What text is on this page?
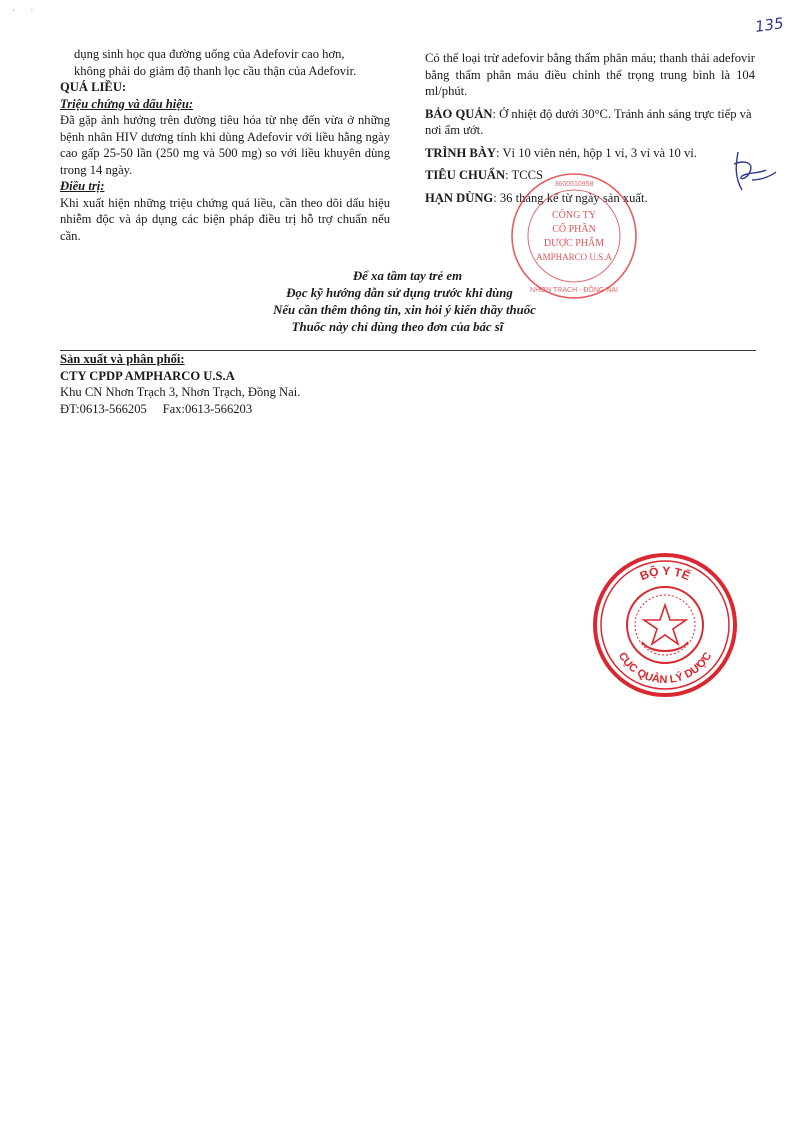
·        ·
135

dụng sinh học qua đường uống của Adefovir cao hơn,

không phải do giảm độ thanh lọc cầu thận của Adefovir.

QUÁ LIỀU:

Triệu chứng và dấu hiệu:

Đã gặp ảnh hưởng trên đường tiêu hóa từ nhẹ đến vừa ở những bệnh nhân HIV dương tính khi dùng Adefovir với liều hằng ngày cao gấp 25-50 lần (250 mg và 500 mg) so với liều khuyên dùng trong 14 ngày.

Điều trị:

Khi xuất hiện những triệu chứng quá liều, cần theo dõi dấu hiệu nhiễm độc và áp dụng các biện pháp điều trị hỗ trợ chuẩn nếu cần.

Có thể loại trừ adefovir bằng thẩm phân máu; thanh thải adefovir bằng thẩm phân máu điều chỉnh thể trọng trung bình là 104 ml/phút.

BẢO QUẢN: Ở nhiệt độ dưới 30°C. Tránh ánh sáng trực tiếp và nơi ẩm ướt.

TRÌNH BÀY: Vỉ 10 viên nén, hộp 1 vỉ, 3 vỉ và 10 vỉ.

TIÊU CHUẨN: TCCS

HẠN DÙNG: 36 tháng kể từ ngày sản xuất.

CÔNG TY
CỔ PHẦN
DƯỢC PHẨM
AMPHARCO U.S.A
3600510958
NHƠN TRẠCH - ĐỒNG NAI
Để xa tầm tay trẻ em
Đọc kỹ hướng dẫn sử dụng trước khi dùng
Nếu cần thêm thông tin, xin hỏi ý kiến thầy thuốc
Thuốc này chỉ dùng theo đơn của bác sĩ

Sản xuất và phân phối:

CTY CPDP AMPHARCO U.S.A

Khu CN Nhơn Trạch 3, Nhơn Trạch, Đồng Nai.

ĐT:0613-566205 Fax:0613-566203

BỘ Y TẾ
CỤC QUẢN LÝ DƯỢC
